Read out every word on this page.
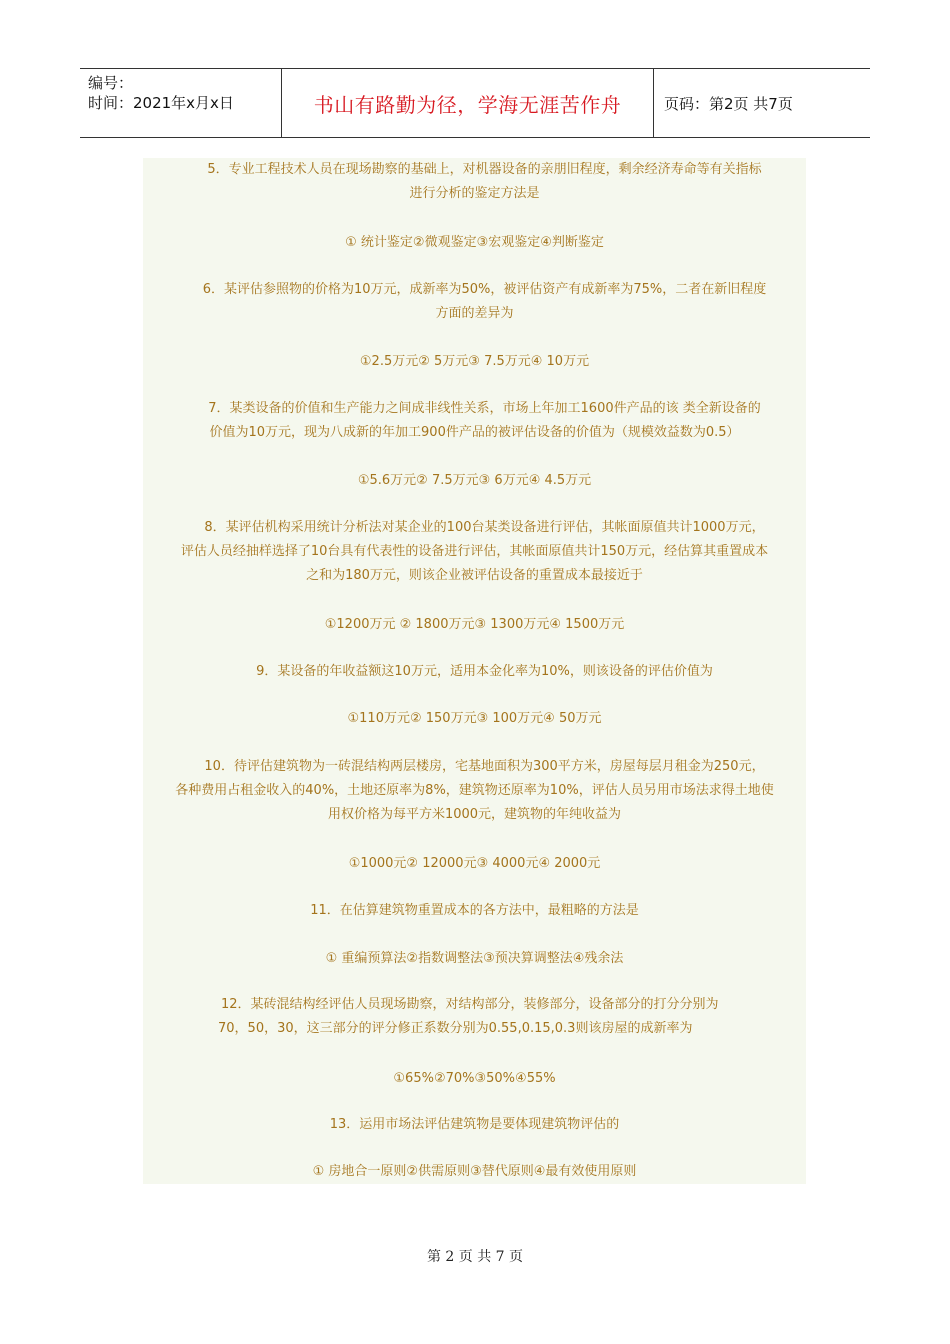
编号：
时间：2021年x月x日	书山有路勤为径，学海无涯苦作舟	页码：第2页 共7页
5．专业工程技术人员在现场勘察的基础上，对机器设备的亲朋旧程度，剩余经济寿命等有关指标
进行分析的鉴定方法是
① 统计鉴定②微观鉴定③宏观鉴定④判断鉴定
6．某评估参照物的价格为10万元，成新率为50%，被评估资产有成新率为75%，二者在新旧程度
方面的差异为
①2.5万元② 5万元③ 7.5万元④ 10万元
7．某类设备的价值和生产能力之间成非线性关系，市场上年加工1600件产品的该 类全新设备的
价值为10万元，现为八成新的年加工900件产品的被评估设备的价值为（规模效益数为0.5）
①5.6万元② 7.5万元③ 6万元④ 4.5万元
8．某评估机构采用统计分析法对某企业的100台某类设备进行评估，其帐面原值共计1000万元，
评估人员经抽样选择了10台具有代表性的设备进行评估，其帐面原值共计150万元，经估算其重置成本
之和为180万元，则该企业被评估设备的重置成本最接近于
①1200万元 ② 1800万元③ 1300万元④ 1500万元
9．某设备的年收益额这10万元，适用本金化率为10%，则该设备的评估价值为
①110万元② 150万元③ 100万元④ 50万元
10．待评估建筑物为一砖混结构两层楼房，宅基地面积为300平方米，房屋每层月租金为250元，
各种费用占租金收入的40%，土地还原率为8%，建筑物还原率为10%，评估人员另用市场法求得土地使
用权价格为每平方米1000元，建筑物的年纯收益为
①1000元② 12000元③ 4000元④ 2000元
11．在估算建筑物重置成本的各方法中，最粗略的方法是
① 重编预算法②指数调整法③预决算调整法④残余法
12．某砖混结构经评估人员现场勘察，对结构部分，装修部分，设备部分的打分分别为
70，50，30，这三部分的评分修正系数分别为0.55,0.15,0.3则该房屋的成新率为
①65%②70%③50%④55%
13．运用市场法评估建筑物是要体现建筑物评估的
① 房地合一原则②供需原则③替代原则④最有效使用原则
第 2 页 共 7 页
